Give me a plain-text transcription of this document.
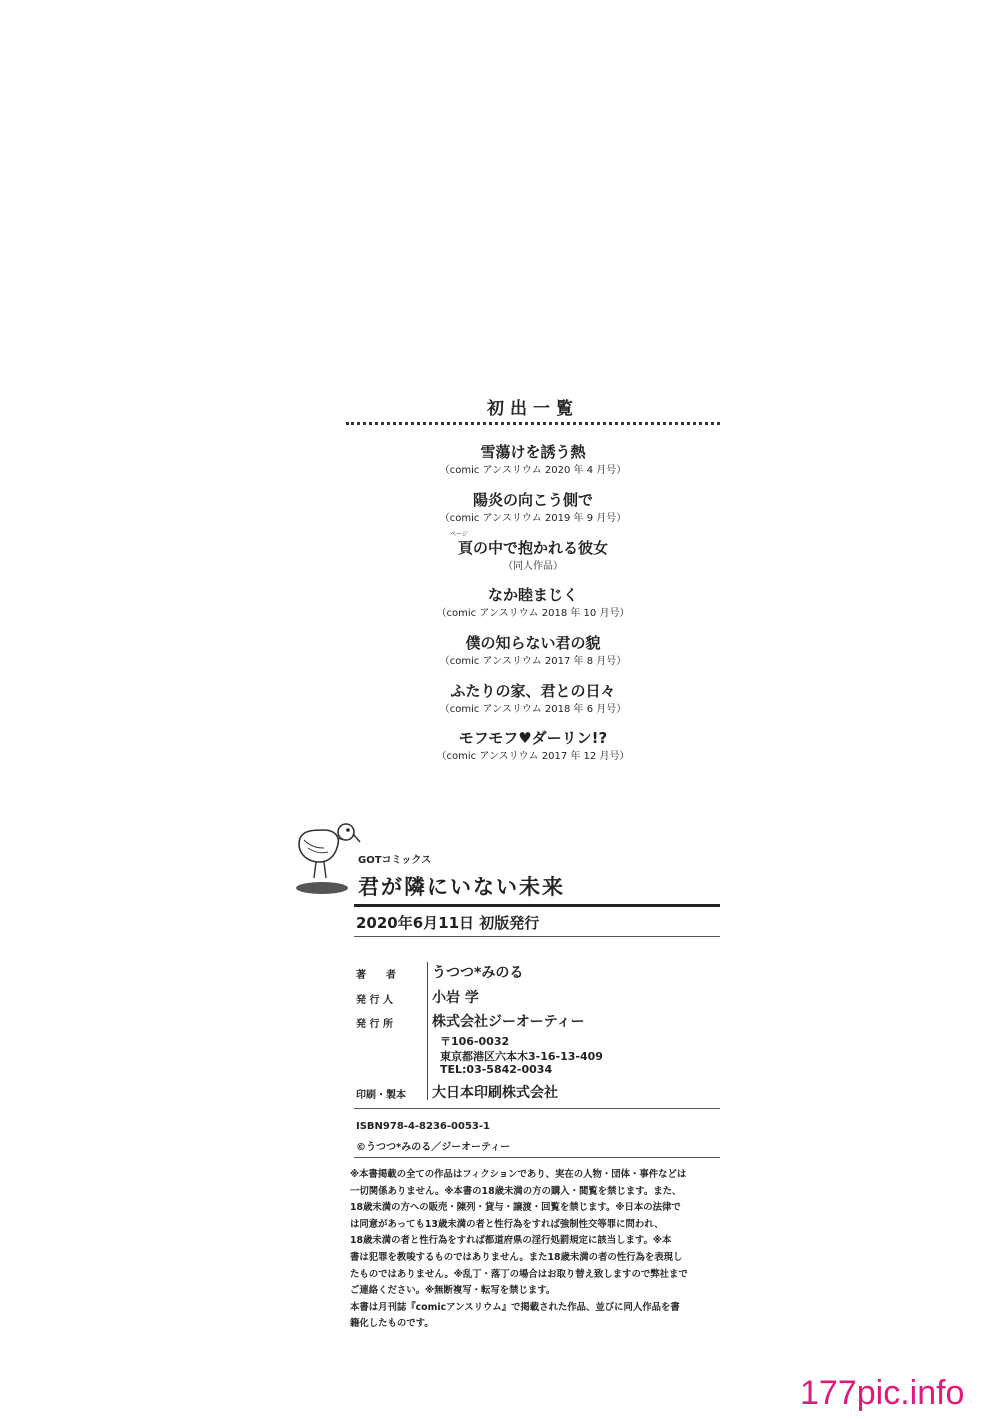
初出一覧
雪蕩けを誘う熱
（comic アンスリウム 2020 年 4 月号）
陽炎の向こう側で
（comic アンスリウム 2019 年 9 月号）
ページ
頁の中で抱かれる彼女
（同人作品）
なか睦まじく
（comic アンスリウム 2018 年 10 月号）
僕の知らない君の貌
（comic アンスリウム 2017 年 8 月号）
ふたりの家、君との日々
（comic アンスリウム 2018 年 6 月号）
モフモフ♥ダーリン!?
（comic アンスリウム 2017 年 12 月号）
GOTコミックス
君が隣にいない未来
2020年6月11日 初版発行
著　　者	うつつ*みのる
発 行 人	小岩 学
発 行 所	株式会社ジーオーティー
〒106-0032
東京都港区六本木3-16-13-409
TEL:03-5842-0034
印刷・製本	大日本印刷株式会社
ISBN978-4-8236-0053-1
©うつつ*みのる／ジーオーティー

※本書掲載の全ての作品はフィクションであり、実在の人物・団体・事件などは

一切関係ありません。※本書の18歳未満の方の購入・閲覧を禁じます。また、

18歳未満の方への販売・陳列・貸与・譲渡・回覧を禁じます。※日本の法律で

は同意があっても13歳未満の者と性行為をすれば強制性交等罪に問われ、

18歳未満の者と性行為をすれば都道府県の淫行処罰規定に該当します。※本

書は犯罪を教唆するものではありません。また18歳未満の者の性行為を表現し

たものではありません。※乱丁・落丁の場合はお取り替え致しますので弊社まで

ご連絡ください。※無断複写・転写を禁じます。

本書は月刊誌『comicアンスリウム』で掲載された作品、並びに同人作品を書

籍化したものです。

177pic.info
